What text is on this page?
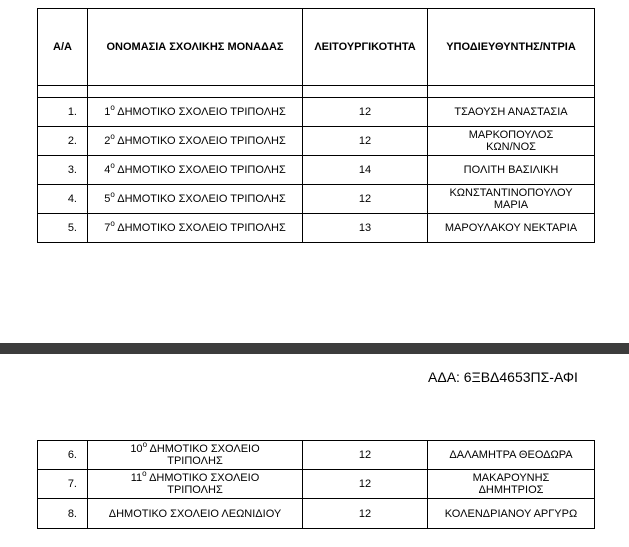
Α/Α	ΟΝΟΜΑΣΙΑ ΣΧΟΛΙΚΗΣ ΜΟΝΑΔΑΣ	ΛΕΙΤΟΥΡΓΙΚΟΤΗΤΑ	ΥΠΟΔΙΕΥΘΥΝΤΗΣ/ΝΤΡΙΑ

1.	$1^o$ ΔΗΜΟΤΙΚΟ ΣΧΟΛΕΙΟ ΤΡΙΠΟΛΗΣ	12	ΤΣΑΟΥΣΗ ΑΝΑΣΤΑΣΙΑ
2.	$2^o$ ΔΗΜΟΤΙΚΟ ΣΧΟΛΕΙΟ ΤΡΙΠΟΛΗΣ	12	ΜΑΡΚΟΠΟΥΛΟΣ
ΚΩΝ/ΝΟΣ
3.	$4^o$ ΔΗΜΟΤΙΚΟ ΣΧΟΛΕΙΟ ΤΡΙΠΟΛΗΣ	14	ΠΟΛΙΤΗ ΒΑΣΙΛΙΚΗ
4.	$5^o$ ΔΗΜΟΤΙΚΟ ΣΧΟΛΕΙΟ ΤΡΙΠΟΛΗΣ	12	ΚΩΝΣΤΑΝΤΙΝΟΠΟΥΛΟΥ
ΜΑΡΙΑ
5.	$7^o$ ΔΗΜΟΤΙΚΟ ΣΧΟΛΕΙΟ ΤΡΙΠΟΛΗΣ	13	ΜΑΡΟΥΛΑΚΟΥ ΝΕΚΤΑΡΙΑ
ΑΔΑ: 6ΞΒΔ4653ΠΣ-ΑΦΙ
6.	$10^o$ ΔΗΜΟΤΙΚΟ ΣΧΟΛΕΙΟ
ΤΡΙΠΟΛΗΣ	12	ΔΑΛΑΜΗΤΡΑ ΘΕΟΔΩΡΑ
7.	$11^o$ ΔΗΜΟΤΙΚΟ ΣΧΟΛΕΙΟ
ΤΡΙΠΟΛΗΣ	12	ΜΑΚΑΡΟΥΝΗΣ
ΔΗΜΗΤΡΙΟΣ
8.	ΔΗΜΟΤΙΚΟ ΣΧΟΛΕΙΟ ΛΕΩΝΙΔΙΟΥ	12	ΚΟΛΕΝΔΡΙΑΝΟΥ ΑΡΓΥΡΩ
